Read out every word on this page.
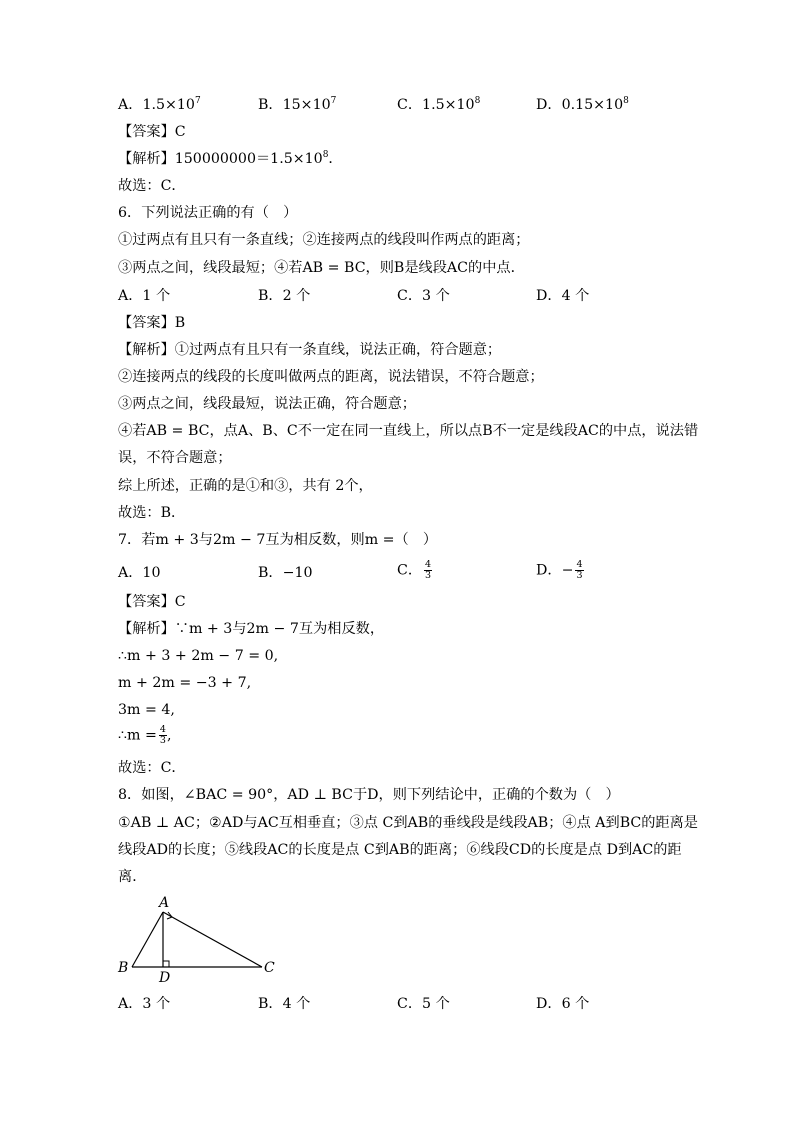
A．$1.5\times 10^7$	B．$15\times 10^7$	C．$1.5\times 10^8$	D．$0.15\times 10^8$
【答案】C
【解析】$150000000=1.5\times 10^8$．
故选：C．
6．下列说法正确的有（　）
①过两点有且只有一条直线；②连接两点的线段叫作两点的距离；
③两点之间，线段最短；④若AB = BC，则B是线段AC的中点．
A．1 个	B．2 个	C．3 个	D．4 个
【答案】B
【解析】①过两点有且只有一条直线，说法正确，符合题意；
②连接两点的线段的长度叫做两点的距离，说法错误，不符合题意；
③两点之间，线段最短，说法正确，符合题意；
④若AB = BC，点A、B、C不一定在同一直线上，所以点B不一定是线段AC的中点，说法错
误，不符合题意；
综上所述，正确的是①和③，共有 2个，
故选：B．
7．若m + 3与2m − 7互为相反数，则m =（　）
A．10	B．−10	C． $\frac{4}{3}$	D．− $\frac{4}{3}$
【答案】C
【解析】∵m + 3与2m − 7互为相反数，
∴m + 3 + 2m − 7 = 0,
m + 2m = −3 + 7,
3m = 4,
∴m = $\frac{4}{3}$ ,
故选：C．
8．如图，∠BAC = 90°，AD ⊥ BC于D，则下列结论中，正确的个数为（　）
①AB ⊥ AC；②AD与AC互相垂直；③点 C到AB的垂线段是线段AB；④点 A到BC的距离是
线段AD的长度；⑤线段AC的长度是点 C到AB的距离；⑥线段CD的长度是点 D到AC的距
离．
A
B	C
D
A．3 个	B．4 个	C．5 个	D．6 个
